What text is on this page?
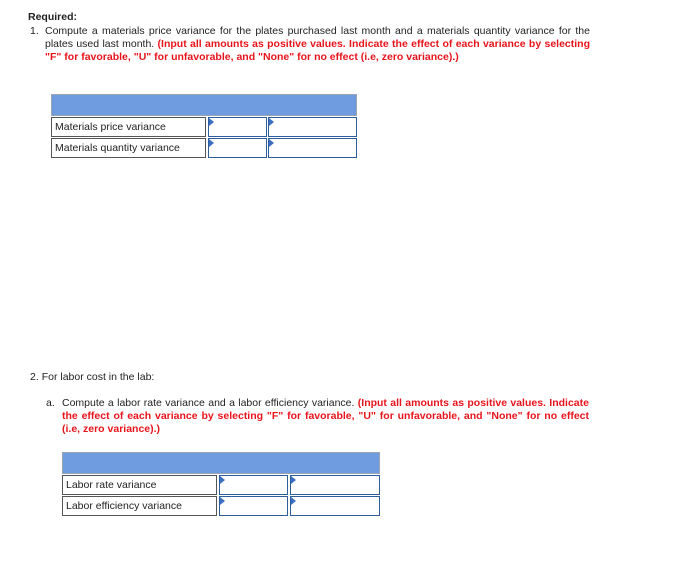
Required:
1. Compute a materials price variance for the plates purchased last month and a materials quantity variance for the plates used last month. (Input all amounts as positive values. Indicate the effect of each variance by selecting "F" for favorable, "U" for unfavorable, and "None" for no effect (i.e, zero variance).)

Materials price variance		

Materials quantity variance		

2. For labor cost in the lab:
a. Compute a labor rate variance and a labor efficiency variance. (Input all amounts as positive values. Indicate the effect of each variance by selecting "F" for favorable, "U" for unfavorable, and "None" for no effect (i.e, zero variance).)

Labor rate variance		

Labor efficiency variance		
